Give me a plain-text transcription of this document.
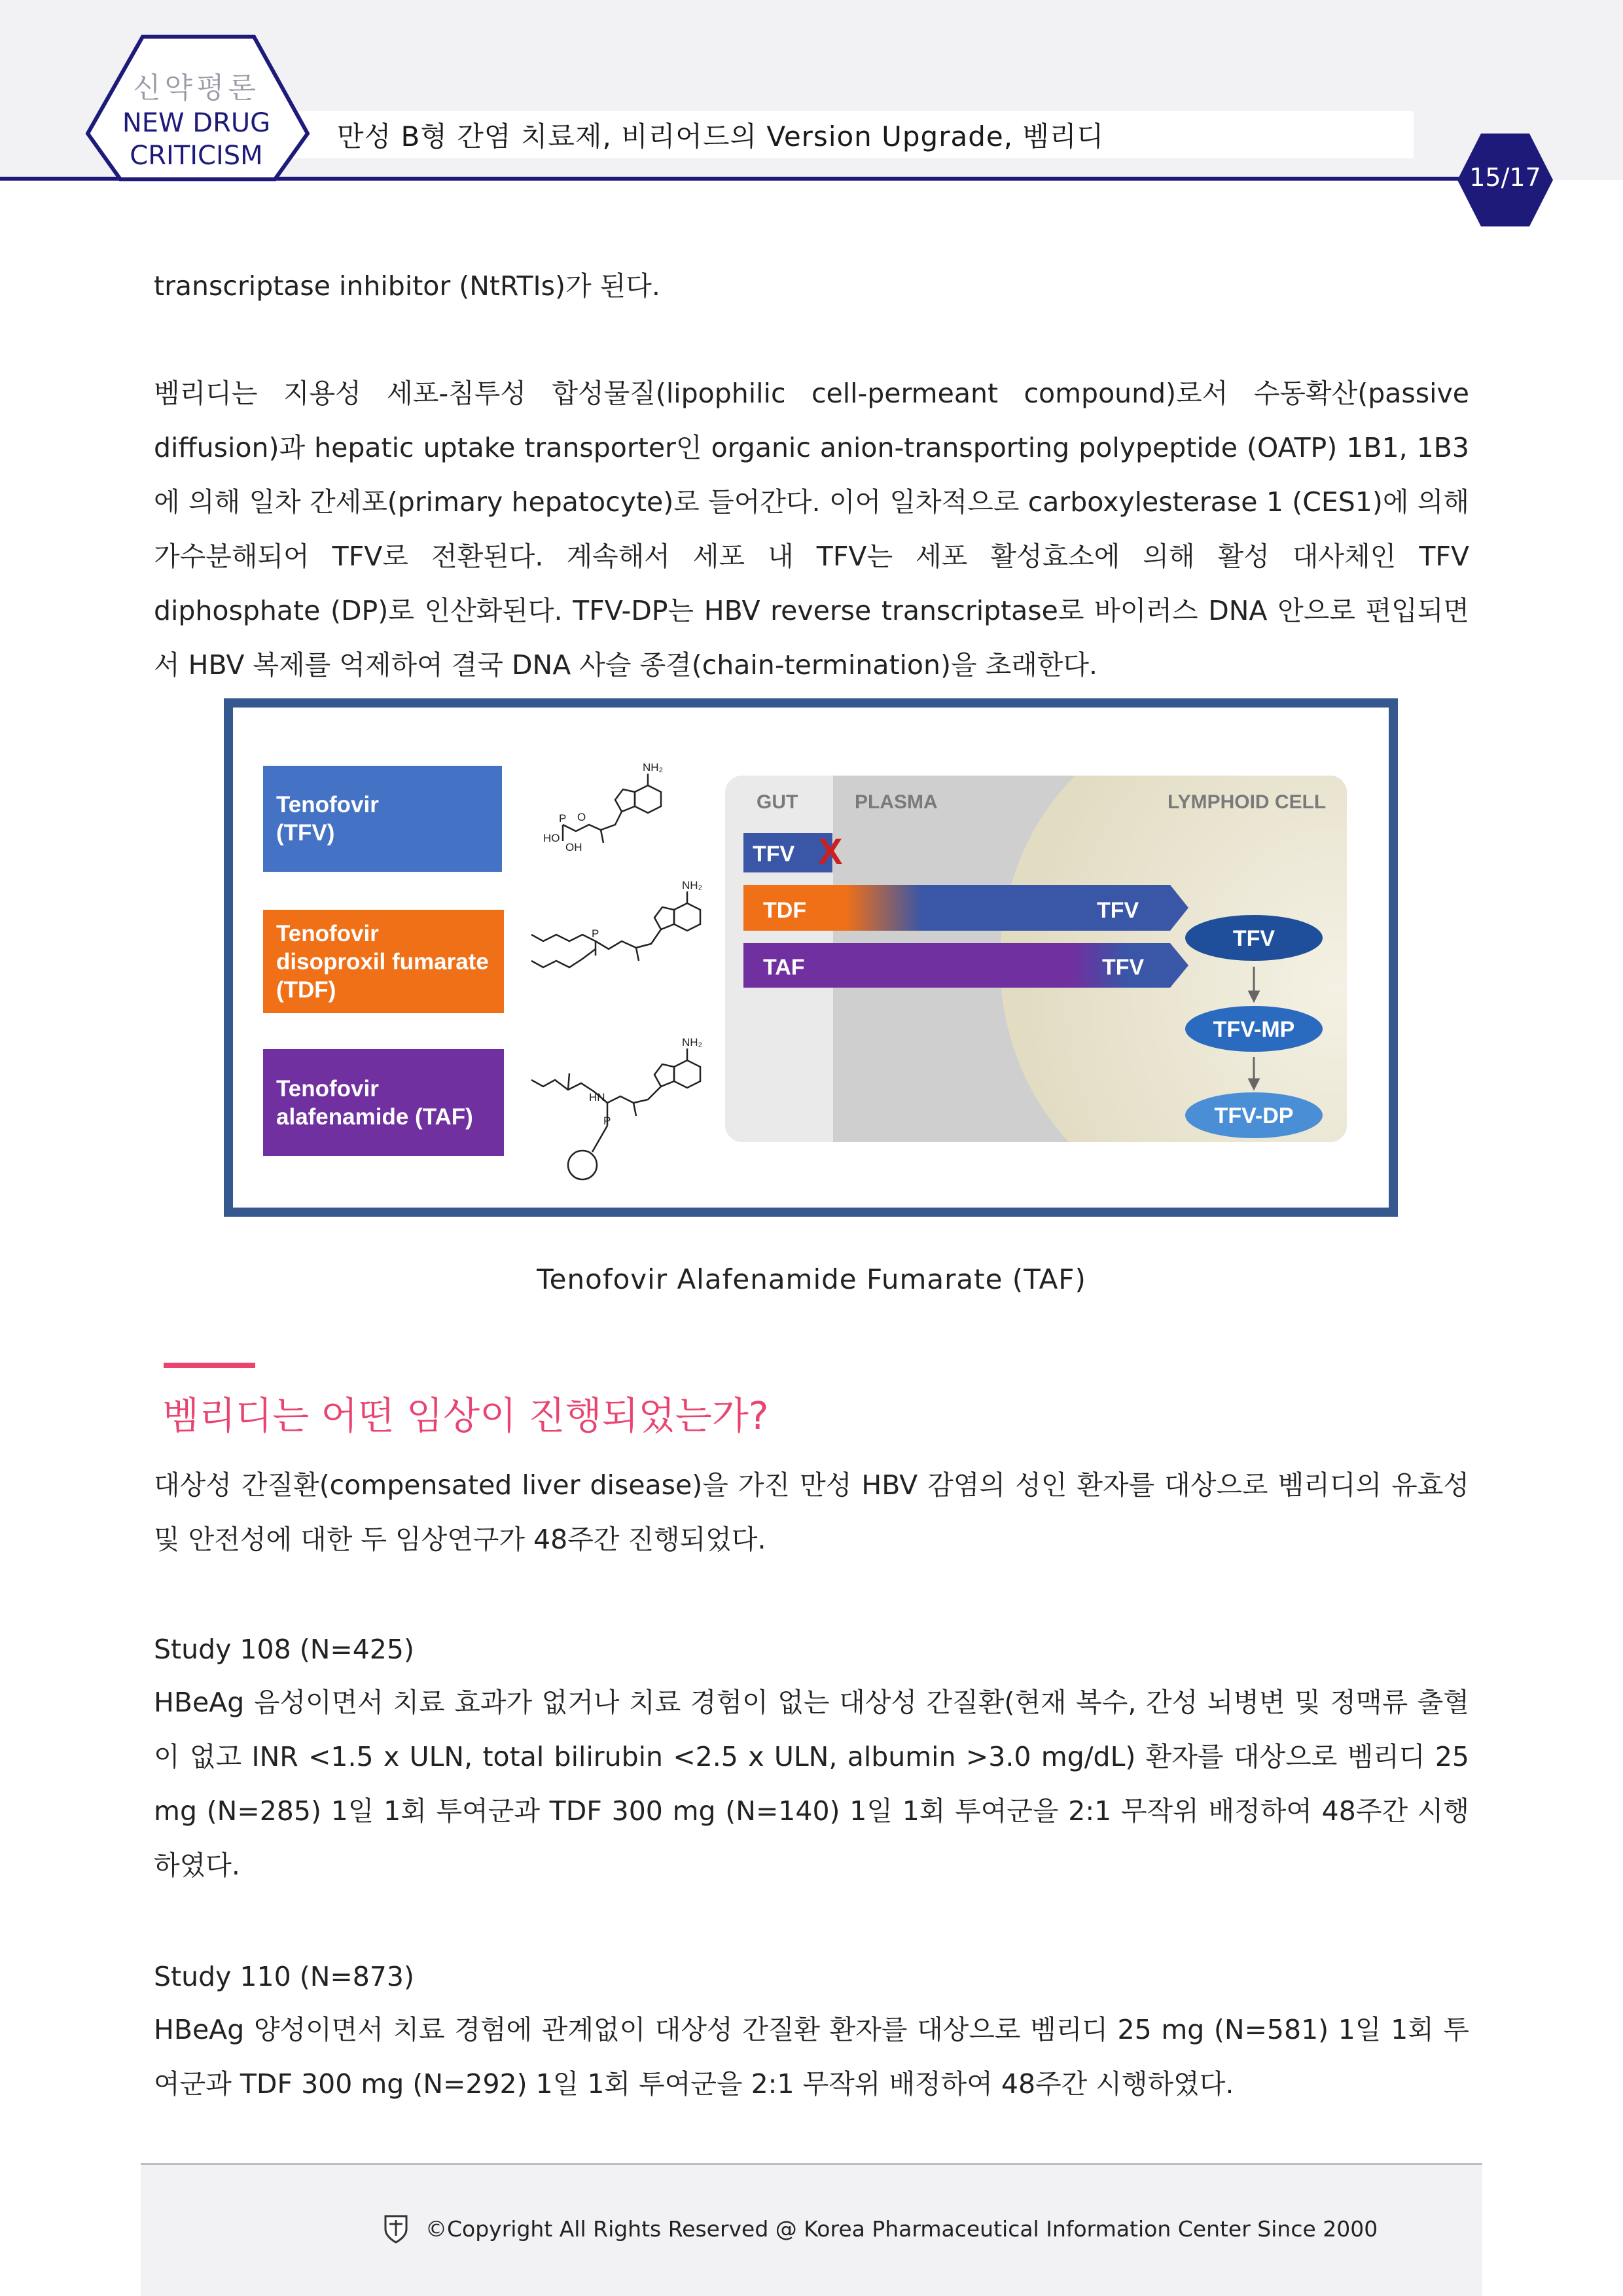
신약평론
NEW DRUG
CRITICISM
만성 B형 간염 치료제, 비리어드의 Version Upgrade, 벰리디
15/17
transcriptase inhibitor (NtRTIs)가 된다.
벰리디는 지용성 세포-침투성 합성물질(lipophilic cell-permeant compound)로서 수동확산(passive diffusion)과 hepatic uptake transporter인 organic anion-transporting polypeptide (OATP) 1B1, 1B3에 의해 일차 간세포(primary hepatocyte)로 들어간다. 이어 일차적으로 carboxylesterase 1 (CES1)에 의해 가수분해되어 TFV로 전환된다. 계속해서 세포 내 TFV는 세포 활성효소에 의해 활성 대사체인 TFV diphosphate (DP)로 인산화된다. TFV-DP는 HBV reverse transcriptase로 바이러스 DNA 안으로 편입되면서 HBV 복제를 억제하여 결국 DNA 사슬 종결(chain-termination)을 초래한다.
Tenofovir
(TFV)
Tenofovir
disoproxil fumarate
(TDF)
Tenofovir
alafenamide (TAF)
NH₂
HO
OH
O
P
NH₂
P
NH₂
HN
P
GUT	PLASMA	LYMPHOID CELL
TFV
TDF	TFV
TAF	TFV
X
TFV
TFV-MP
TFV-DP
Tenofovir Alafenamide Fumarate (TAF)
벰리디는 어떤 임상이 진행되었는가?
대상성 간질환(compensated liver disease)을 가진 만성 HBV 감염의 성인 환자를 대상으로 벰리디의 유효성 및 안전성에 대한 두 임상연구가 48주간 진행되었다.
Study 108 (N=425)
HBeAg 음성이면서 치료 효과가 없거나 치료 경험이 없는 대상성 간질환(현재 복수, 간성 뇌병변 및 정맥류 출혈이 없고 INR <1.5 x ULN, total bilirubin <2.5 x ULN, albumin >3.0 mg/dL) 환자를 대상으로 벰리디 25 mg (N=285) 1일 1회 투여군과 TDF 300 mg (N=140) 1일 1회 투여군을 2:1 무작위 배정하여 48주간 시행하였다.
Study 110 (N=873)
HBeAg 양성이면서 치료 경험에 관계없이 대상성 간질환 환자를 대상으로 벰리디 25 mg (N=581) 1일 1회 투여군과 TDF 300 mg (N=292) 1일 1회 투여군을 2:1 무작위 배정하여 48주간 시행하였다.
©Copyright All Rights Reserved @ Korea Pharmaceutical Information Center Since 2000
